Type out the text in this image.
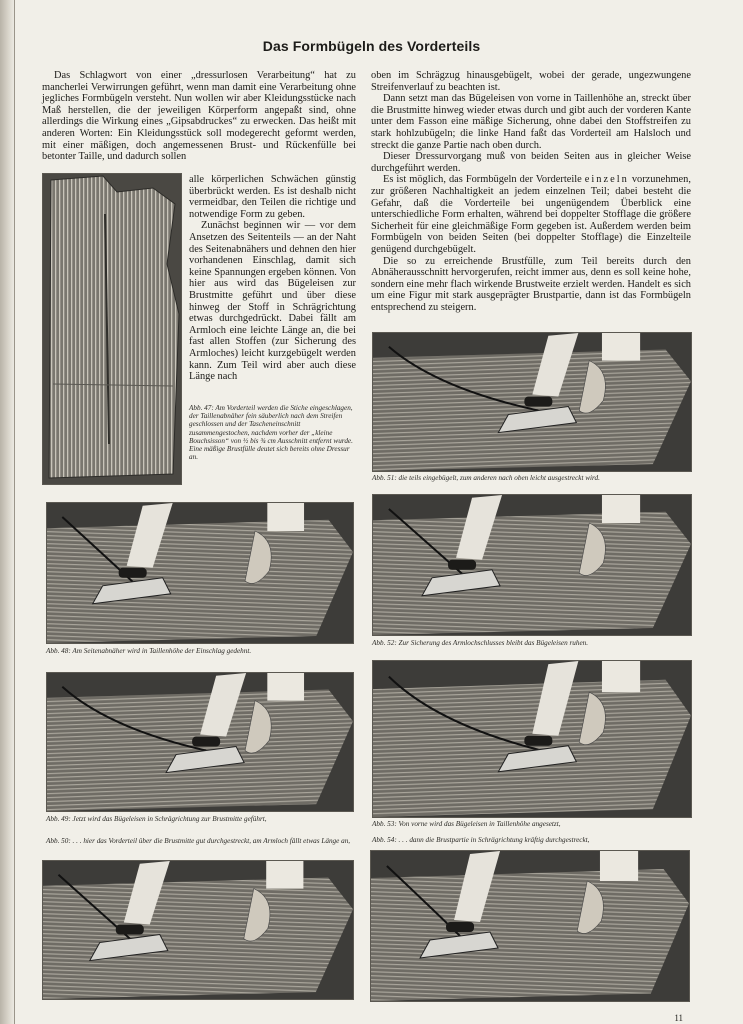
Das Formbügeln des Vorderteils

Das Schlagwort von einer „dressurlosen Verarbeitung“ hat zu mancherlei Verwirrungen geführt, wenn man damit eine Verarbeitung ohne jegliches Formbügeln versteht. Nun wollen wir aber Kleidungsstücke nach Maß herstellen, die der jeweiligen Körperform angepaßt sind, ohne allerdings die Wirkung eines „Gipsabdruckes“ zu erwecken. Das heißt mit anderen Worten: Ein Kleidungsstück soll modegerecht geformt werden, mit einer mäßigen, doch angemessenen Brust- und Rückenfülle bei betonter Taille, und dadurch sollen

alle körperlichen Schwächen günstig überbrückt werden. Es ist deshalb nicht vermeidbar, den Teilen die richtige und notwendige Form zu geben.

Zunächst beginnen wir — vor dem Ansetzen des Seitenteils — an der Naht des Seitenabnähers und dehnen den hier vorhandenen Einschlag, damit sich keine Spannungen ergeben können. Von hier aus wird das Bügeleisen zur Brustmitte geführt und über diese hinweg der Stoff in Schrägrichtung etwas durchgedrückt. Dabei fällt am Armloch eine leichte Länge an, die bei fast allen Stoffen (zur Sicherung des Armloches) leicht kurzgebügelt werden kann. Zum Teil wird aber auch diese Länge nach

oben im Schrägzug hinausgebügelt, wobei der gerade, ungezwungene Streifenverlauf zu beachten ist.

Dann setzt man das Bügeleisen von vorne in Taillenhöhe an, streckt über die Brustmitte hinweg wieder etwas durch und gibt auch der vorderen Kante unter dem Fasson eine mäßige Sicherung, ohne dabei den Stoffstreifen zu stark hohlzubügeln; die linke Hand faßt das Vorderteil am Halsloch und streckt die ganze Partie nach oben durch.

Dieser Dressurvorgang muß von beiden Seiten aus in gleicher Weise durchgeführt werden.

Es ist möglich, das Formbügeln der Vorderteile einzeln vorzunehmen, zur größeren Nachhaltigkeit an jedem einzelnen Teil; dabei besteht die Gefahr, daß die Vorderteile bei ungenügendem Überblick eine unterschiedliche Form erhalten, während bei doppelter Stofflage die größere Sicherheit für eine gleichmäßige Form gegeben ist. Außerdem werden beim Formbügeln von beiden Seiten (bei doppelter Stofflage) die Einzelteile genügend durchgebügelt.

Die so zu erreichende Brustfülle, zum Teil bereits durch den Abnäherausschnitt hervorgerufen, reicht immer aus, denn es soll keine hohe, sondern eine mehr flach wirkende Brustweite erzielt werden. Handelt es sich um eine Figur mit stark ausgeprägter Brustpartie, dann ist das Formbügeln entsprechend zu steigern.

Abb. 47: Am Vorderteil werden die Stiche eingeschlagen, der Taillenabnäher fein säuberlich nach dem Streifen geschlossen und der Tascheneinschnitt zusammengestochen, nachdem vorher der „kleine Bouchsisson“ von ½ bis ¾ cm Ausschnitt entfernt wurde. Eine mäßige Brustfülle deutet sich bereits ohne Dressur an.
Abb. 48: Am Seitenabnäher wird in Taillenhöhe der Einschlag gedehnt.
Abb. 49: Jetzt wird das Bügeleisen in Schrägrichtung zur Brustmitte geführt,
Abb. 50: . . . hier das Vorderteil über die Brustmitte gut durchgestreckt, am Armloch fällt etwas Länge an,
Abb. 51: die teils eingebügelt, zum anderen nach oben leicht ausgestreckt wird.
Abb. 52: Zur Sicherung des Armlochschlusses bleibt das Bügeleisen ruhen.
Abb. 53: Von vorne wird das Bügeleisen in Taillenhöhe angesetzt,
Abb. 54: . . . dann die Brustpartie in Schrägrichtung kräftig durchgestreckt,
11
